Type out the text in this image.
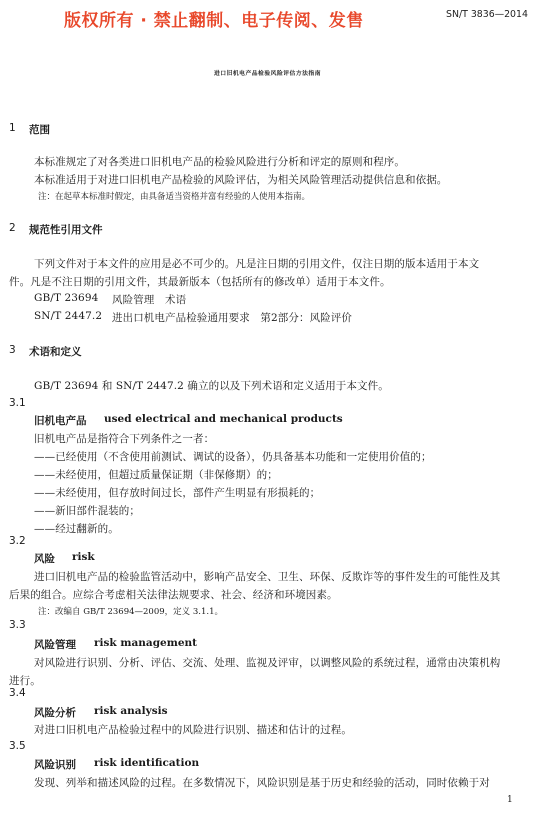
版权所有 · 禁止翻制、电子传阅、发售	SN/T 3836—2014
进口旧机电产品检验风险评估方法指南
1 范围
本标准规定了对各类进口旧机电产品的检验风险进行分析和评定的原则和程序。
本标准适用于对进口旧机电产品检验的风险评估，为相关风险管理活动提供信息和依据。
注：在起草本标准时假定，由具备适当资格并富有经验的人使用本指南。
2 规范性引用文件
下列文件对于本文件的应用是必不可少的。凡是注日期的引用文件，仅注日期的版本适用于本文
件。凡是不注日期的引用文件，其最新版本（包括所有的修改单）适用于本文件。
GB/T 23694 风险管理　术语
SN/T 2447.2 进出口机电产品检验通用要求　第2部分：风险评价
3 术语和定义
GB/T 23694 和 SN/T 2447.2 确立的以及下列术语和定义适用于本文件。
3.1
旧机电产品 used electrical and mechanical products
旧机电产品是指符合下列条件之一者：
——已经使用（不含使用前测试、调试的设备），仍具备基本功能和一定使用价值的；
——未经使用，但超过质量保证期（非保修期）的；
——未经使用，但存放时间过长，部件产生明显有形损耗的；
——新旧部件混装的；
——经过翻新的。
3.2
风险 risk
进口旧机电产品的检验监管活动中，影响产品安全、卫生、环保、反欺诈等的事件发生的可能性及其
后果的组合。应综合考虑相关法律法规要求、社会、经济和环境因素。
注：改编自 GB/T 23694—2009，定义 3.1.1。
3.3
风险管理 risk management
对风险进行识别、分析、评估、交流、处理、监视及评审，以调整风险的系统过程，通常由决策机构
进行。
3.4
风险分析 risk analysis
对进口旧机电产品检验过程中的风险进行识别、描述和估计的过程。
3.5
风险识别 risk identification
发现、列举和描述风险的过程。在多数情况下，风险识别是基于历史和经验的活动，同时依赖于对
1
